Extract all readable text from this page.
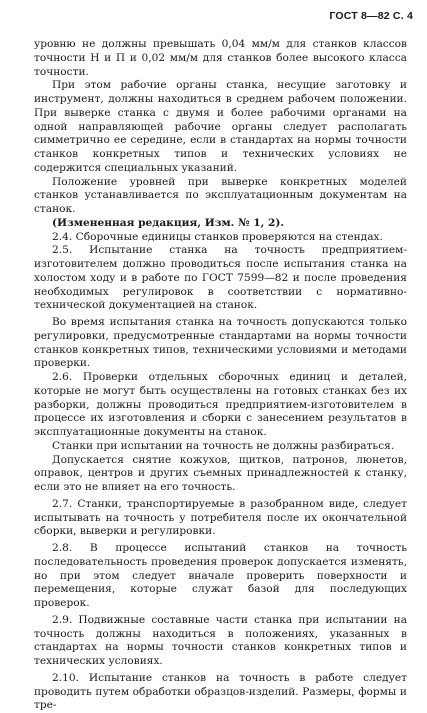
ГОСТ 8—82 С. 4

уровню не должны превышать 0,04 мм/м для станков классов точности Н и П и 0,02 мм/м для станков более высокого класса точности.

При этом рабочие органы станка, несущие заготовку и инструмент, должны находиться в среднем рабочем положении. При выверке станка с двумя и более рабочими органами на одной направляющей рабочие органы следует располагать симметрично ее середине, если в стандартах на нормы точности станков конкретных типов и технических условиях не содержится специальных указаний.

Положение уровней при выверке конкретных моделей станков устанавливается по эксплуатационным документам на станок.

(Измененная редакция, Изм. № 1, 2).

2.4. Сборочные единицы станков проверяются на стендах.

2.5. Испытание станка на точность предприятием-изготовителем должно проводиться после испытания станка на холостом ходу и в работе по ГОСТ 7599—82 и после проведения необходимых регулировок в соответствии с нормативно-технической документацией на станок.

Во время испытания станка на точность допускаются только регулировки, предусмотренные стандартами на нормы точности станков конкретных типов, техническими условиями и методами проверки.

2.6. Проверки отдельных сборочных единиц и деталей, которые не могут быть осуществлены на готовых станках без их разборки, должны проводиться предприятием-изготовителем в процессе их изготовления и сборки с занесением результатов в эксплуатационные документы на станок.

Станки при испытании на точность не должны разбираться.

Допускается снятие кожухов, щитков, патронов, люнетов, оправок, центров и других съемных принадлежностей к станку, если это не влияет на его точность.

2.7. Станки, транспортируемые в разобранном виде, следует испытывать на точность у потребителя после их окончательной сборки, выверки и регулировки.

2.8. В процессе испытаний станков на точность последовательность проведения проверок допускается изменять, но при этом следует вначале проверить поверхности и перемещения, которые служат базой для последующих проверок.

2.9. Подвижные составные части станка при испытании на точность должны находиться в положениях, указанных в стандартах на нормы точности станков конкретных типов и технических условиях.

2.10. Испытание станков на точность в работе следует проводить путем обработки образцов-изделий. Размеры, формы и тре-
